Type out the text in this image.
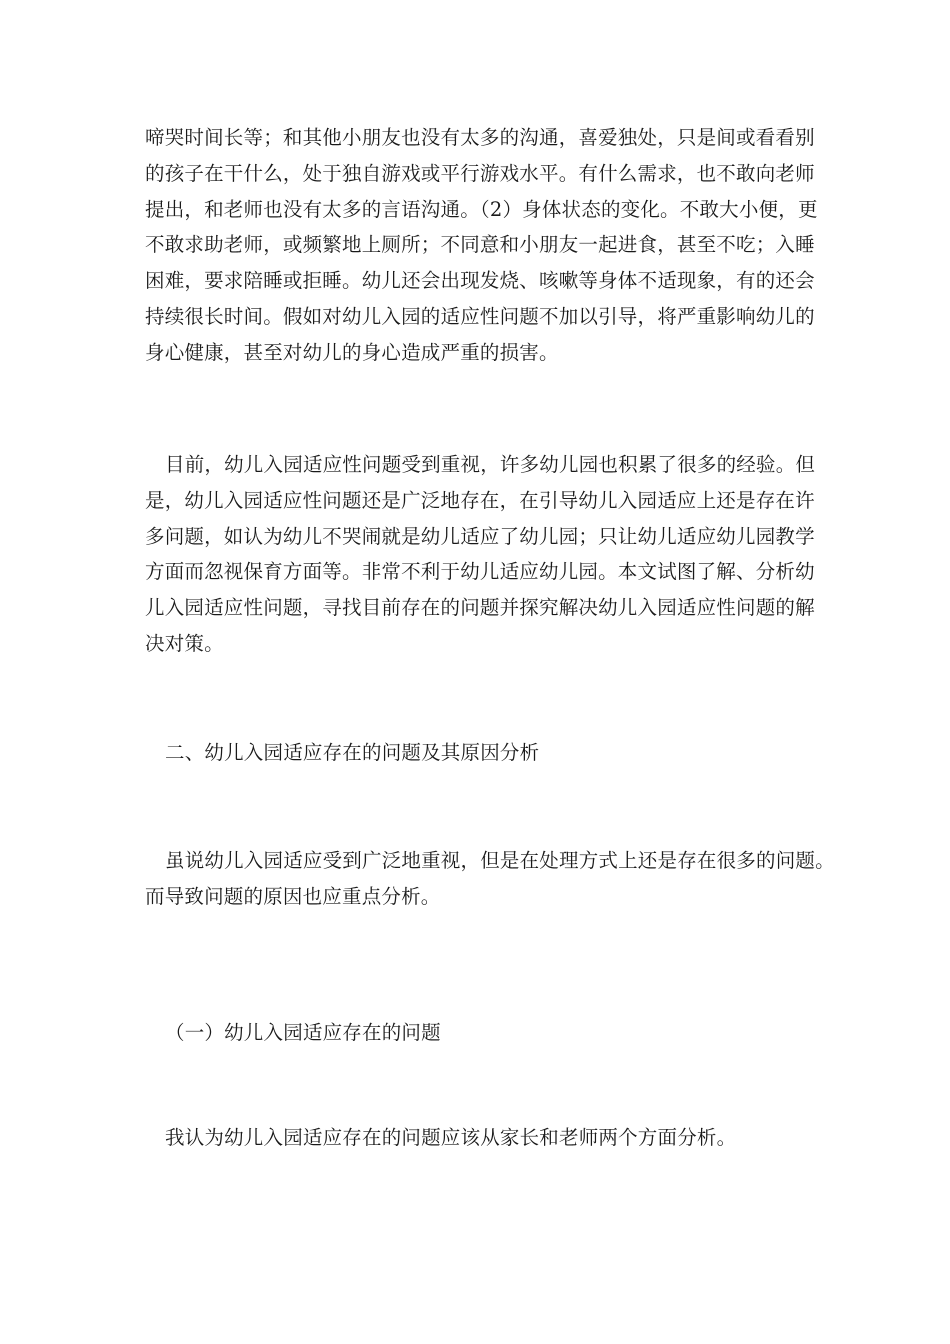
啼哭时间长等；和其他小朋友也没有太多的沟通，喜爱独处，只是间或看看别
的孩子在干什么，处于独自游戏或平行游戏水平。有什么需求，也不敢向老师
提出，和老师也没有太多的言语沟通。（2）身体状态的变化。不敢大小便，更
不敢求助老师，或频繁地上厕所；不同意和小朋友一起进食，甚至不吃；入睡
困难，要求陪睡或拒睡。幼儿还会出现发烧、咳嗽等身体不适现象，有的还会
持续很长时间。假如对幼儿入园的适应性问题不加以引导，将严重影响幼儿的
身心健康，甚至对幼儿的身心造成严重的损害。
目前，幼儿入园适应性问题受到重视，许多幼儿园也积累了很多的经验。但
是，幼儿入园适应性问题还是广泛地存在，在引导幼儿入园适应上还是存在许
多问题，如认为幼儿不哭闹就是幼儿适应了幼儿园；只让幼儿适应幼儿园教学
方面而忽视保育方面等。非常不利于幼儿适应幼儿园。本文试图了解、分析幼
儿入园适应性问题，寻找目前存在的问题并探究解决幼儿入园适应性问题的解
决对策。
二、幼儿入园适应存在的问题及其原因分析
虽说幼儿入园适应受到广泛地重视，但是在处理方式上还是存在很多的问题。
而导致问题的原因也应重点分析。
（一）幼儿入园适应存在的问题
我认为幼儿入园适应存在的问题应该从家长和老师两个方面分析。
